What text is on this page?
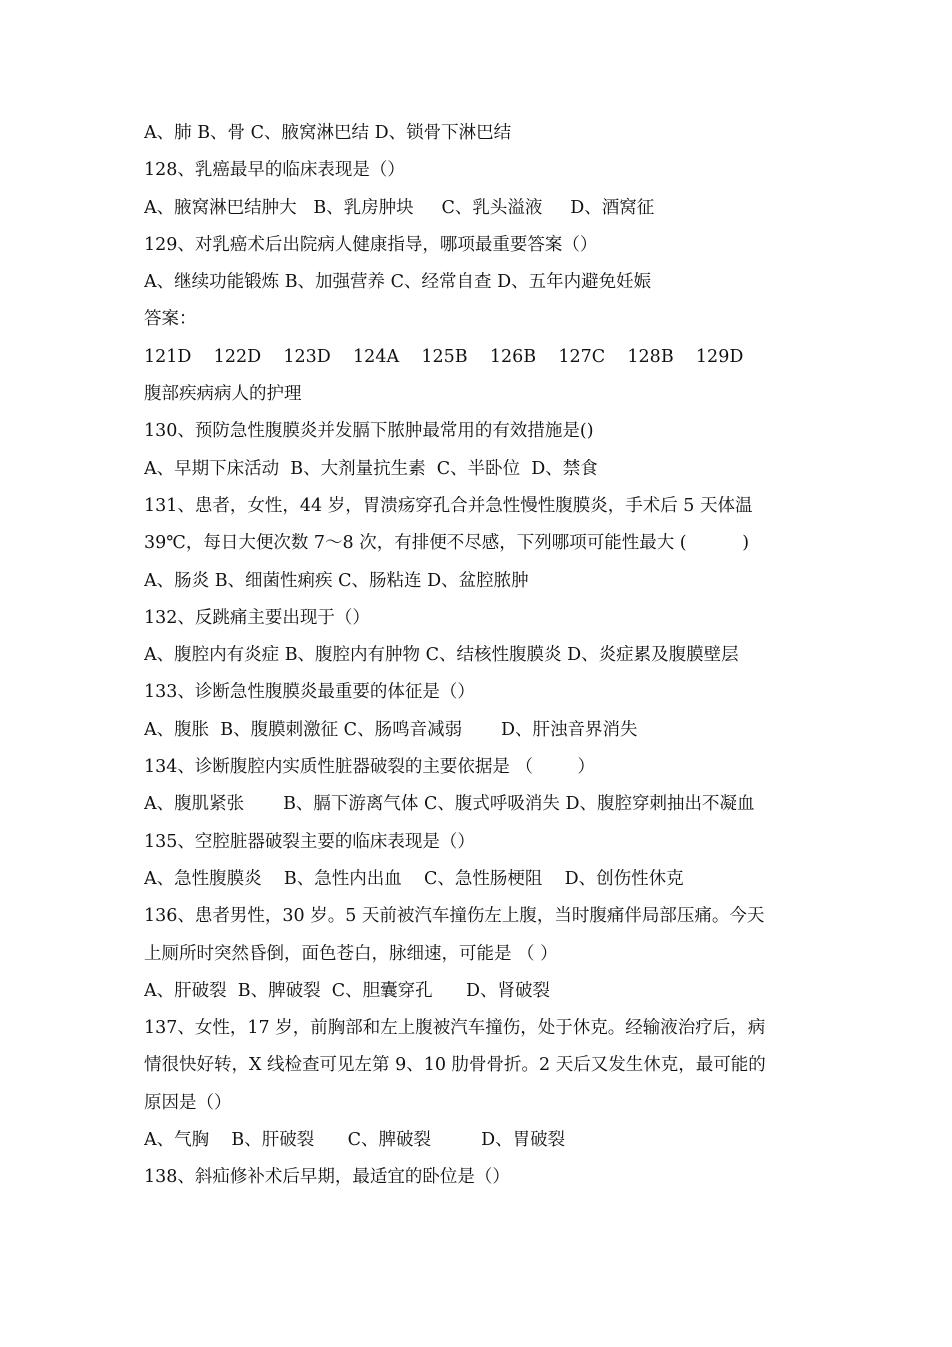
A、肺 B、骨 C、腋窝淋巴结 D、锁骨下淋巴结
128、乳癌最早的临床表现是（）
A、腋窝淋巴结肿大   B、乳房肿块     C、乳头溢液     D、酒窝征
129、对乳癌术后出院病人健康指导，哪项最重要答案（）
A、继续功能锻炼 B、加强营养 C、经常自查 D、五年内避免妊娠
答案：
121D    122D    123D    124A    125B    126B    127C    128B    129D
腹部疾病病人的护理
130、预防急性腹膜炎并发膈下脓肿最常用的有效措施是()
A、早期下床活动  B、大剂量抗生素  C、半卧位  D、禁食
131、患者，女性，44 岁，胃溃疡穿孔合并急性慢性腹膜炎，手术后 5 天体温
39℃，每日大便次数 7～8 次，有排便不尽感，下列哪项可能性最大 (          )
A、肠炎 B、细菌性痢疾 C、肠粘连 D、盆腔脓肿
132、反跳痛主要出现于（）
A、腹腔内有炎症 B、腹腔内有肿物 C、结核性腹膜炎 D、炎症累及腹膜壁层
133、诊断急性腹膜炎最重要的体征是（）
A、腹胀  B、腹膜刺激征 C、肠鸣音减弱       D、肝浊音界消失
134、诊断腹腔内实质性脏器破裂的主要依据是 （        ）
A、腹肌紧张       B、膈下游离气体 C、腹式呼吸消失 D、腹腔穿刺抽出不凝血
135、空腔脏器破裂主要的临床表现是（）
A、急性腹膜炎    B、急性内出血    C、急性肠梗阻    D、创伤性休克
136、患者男性，30 岁。5 天前被汽车撞伤左上腹，当时腹痛伴局部压痛。今天
上厕所时突然昏倒，面色苍白，脉细速，可能是 （ ）
A、肝破裂  B、脾破裂  C、胆囊穿孔      D、肾破裂
137、女性，17 岁，前胸部和左上腹被汽车撞伤，处于休克。经输液治疗后，病
情很快好转，X 线检查可见左第 9、10 肋骨骨折。2 天后又发生休克，最可能的
原因是（）
A、气胸    B、肝破裂      C、脾破裂         D、胃破裂
138、斜疝修补术后早期，最适宜的卧位是（）
